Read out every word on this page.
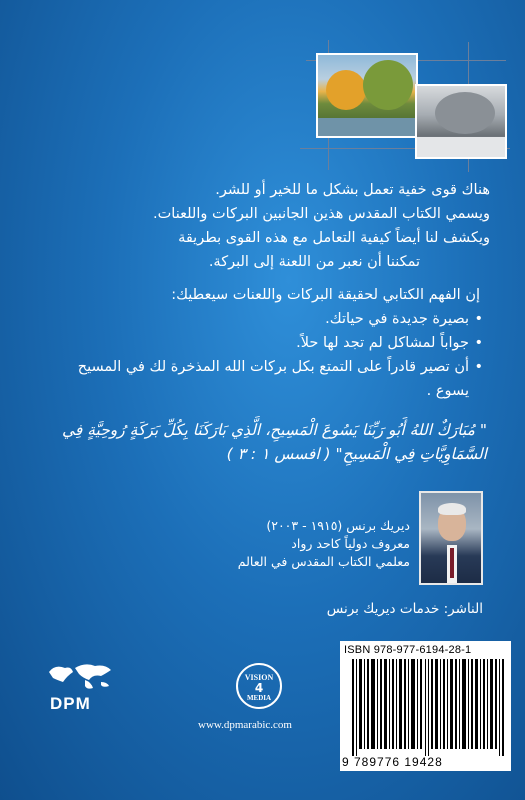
هناك قوى خفية تعمل بشكل ما للخير أو للشر.
ويسمي الكتاب المقدس هذين الجانبين البركات واللعنات.
ويكشف لنا أيضاً كيفية التعامل مع هذه القوى بطريقة
تمكننا أن نعبر من اللعنة إلى البركة.
إن الفهم الكتابي لحقيقة البركات واللعنات سيعطيك:
• بصيرة جديدة في حياتك.
• جواباً لمشاكل لم تجد لها حلاً.
• أن تصير قادراً على التمتع بكل بركات الله المذخرة لك في المسيح يسوع .
" مُبَارَكٌ اللهُ أَبُو رَبِّنَا يَسُوعَ الْمَسِيحِ، الَّذِي بَارَكَنَا بِكُلِّ بَرَكَةٍ رُوحِيَّةٍ فِي السَّمَاوِيَّاتِ فِي الْمَسِيحِ" ( افسس ١ : ٣ )
ديريك برنس (١٩١٥ - ٢٠٠٣)
معروف دولياً كاحد رواد
معلمي الكتاب المقدس في العالم
الناشر: خدمات ديريك برنس
DPM
VISION
4
MEDIA
www.dpmarabic.com
ISBN 978-977-6194-28-1
9 789776 19428
